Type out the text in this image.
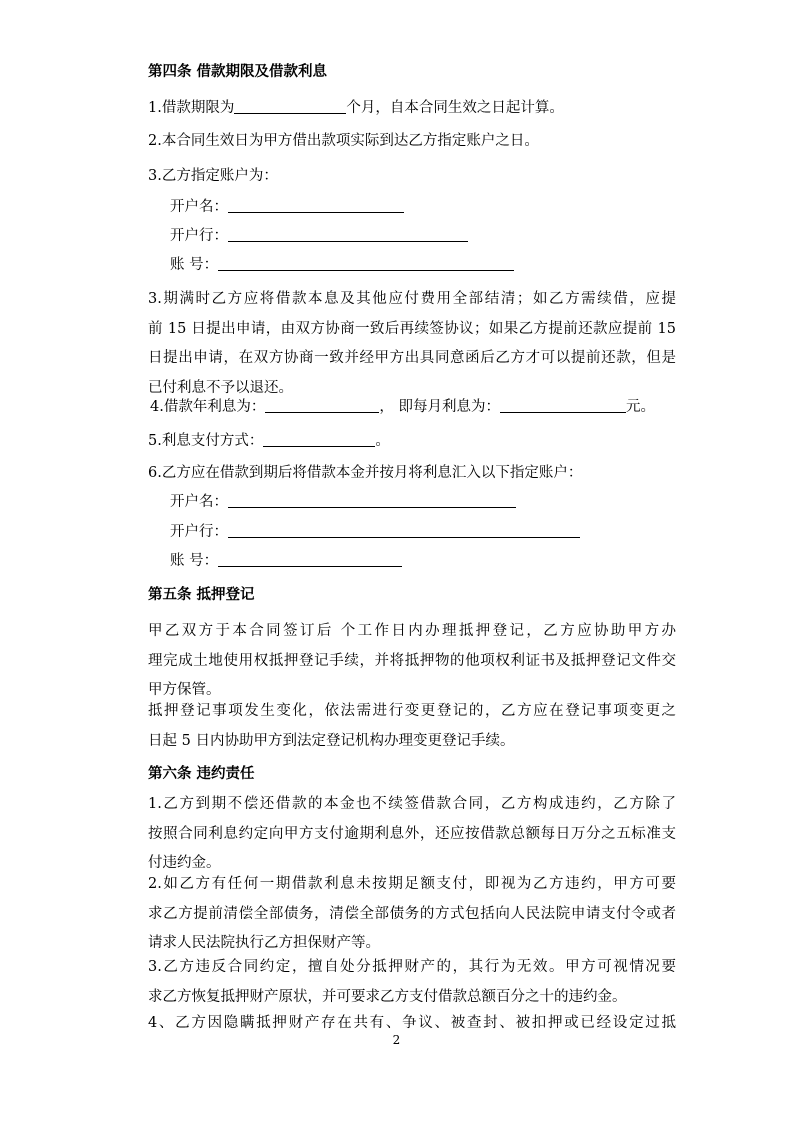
第四条 借款期限及借款利息
1.借款期限为	个月，自本合同生效之日起计算。
2.本合同生效日为甲方借出款项实际到达乙方指定账户之日。
3.乙方指定账户为：
开户名：
开户行：
账 号：
3.期满时乙方应将借款本息及其他应付费用全部结清；如乙方需续借，应提
前 15 日提出申请，由双方协商一致后再续签协议；如果乙方提前还款应提前 15
日提出申请，在双方协商一致并经甲方出具同意函后乙方才可以提前还款，但是
已付利息不予以退还。
4.借款年利息为：	， 即每月利息为：	元。
5.利息支付方式：	。
6.乙方应在借款到期后将借款本金并按月将利息汇入以下指定账户：
开户名：
开户行：
账 号：
第五条 抵押登记
甲乙双方于本合同签订后 个工作日内办理抵押登记，乙方应协助甲方办
理完成土地使用权抵押登记手续，并将抵押物的他项权利证书及抵押登记文件交
甲方保管。
抵押登记事项发生变化，依法需进行变更登记的，乙方应在登记事项变更之
日起 5 日内协助甲方到法定登记机构办理变更登记手续。
第六条 违约责任
1.乙方到期不偿还借款的本金也不续签借款合同，乙方构成违约，乙方除了
按照合同利息约定向甲方支付逾期利息外，还应按借款总额每日万分之五标准支
付违约金。
2.如乙方有任何一期借款利息未按期足额支付，即视为乙方违约，甲方可要
求乙方提前清偿全部债务，清偿全部债务的方式包括向人民法院申请支付令或者
请求人民法院执行乙方担保财产等。
3.乙方违反合同约定，擅自处分抵押财产的，其行为无效。甲方可视情况要
求乙方恢复抵押财产原状，并可要求乙方支付借款总额百分之十的违约金。
4、乙方因隐瞒抵押财产存在共有、争议、被查封、被扣押或已经设定过抵
2
